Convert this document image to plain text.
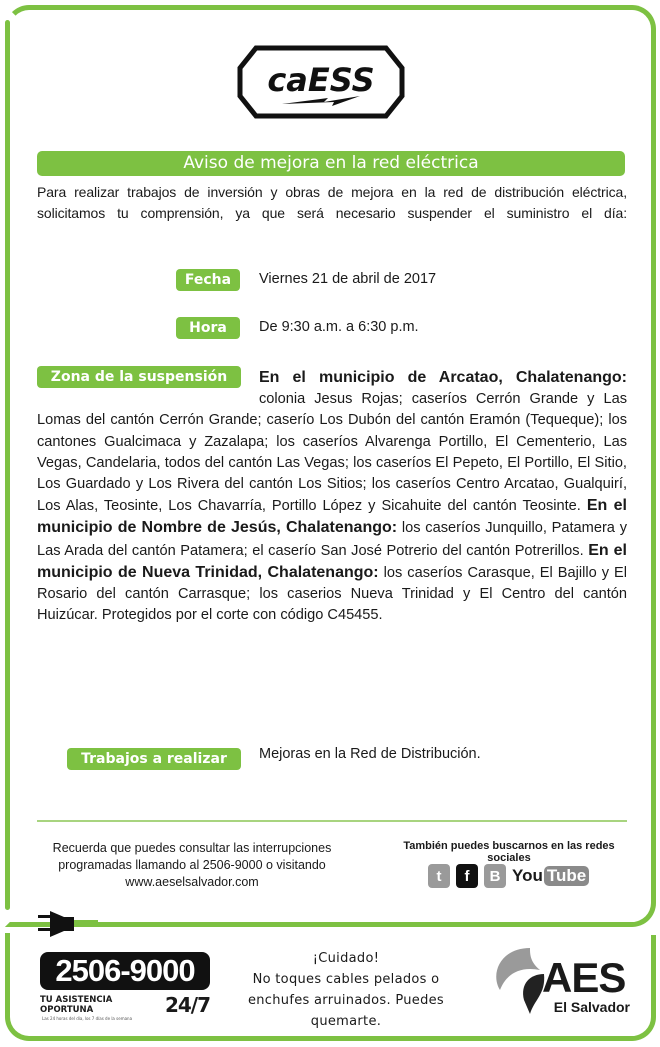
caESS
Aviso de mejora en la red eléctrica

Para realizar trabajos de inversión y obras de mejora en la red de distribución eléctrica, solicitamos tu comprensión, ya que será necesario suspender el suministro el día:

Fecha	Viernes 21 de abril de 2017
Hora	De 9:30 a.m. a 6:30 p.m.
Zona de la suspensión	En el municipio de Arcatao, Chalatenango: colonia Jesus Rojas; caseríos Cerrón Grande y Las Lomas del cantón Cerrón Grande; caserío Los Dubón del cantón Eramón (Tequeque); los cantones Gualcimaca y Zazalapa; los caseríos Alvarenga Portillo, El Cementerio, Las Vegas, Candelaria, todos del cantón Las Vegas; los caseríos El Pepeto, El Portillo, El Sitio, Los Guardado y Los Rivera del cantón Los Sitios; los caseríos Centro Arcatao, Gualquirí, Los Alas, Teosinte, Los Chavarría, Portillo López y Sicahuite del cantón Teosinte. En el municipio de Nombre de Jesús, Chalatenango: los caseríos Junquillo, Patamera y Las Arada del cantón Patamera; el caserío San José Potrerio del cantón Potrerillos. En el municipio de Nueva Trinidad, Chalatenango: los caseríos Carasque, El Bajillo y El Rosario del cantón Carrasque; los caserios Nueva Trinidad y El Centro del cantón Huizúcar. Protegidos por el corte con código C45455.

Trabajos a realizar	Mejoras en la Red de Distribución.
Recuerda que puedes consultar las interrupciones
programadas llamando al 2506-9000 o visitando
www.aeselsalvador.com
También puedes buscarnos en las redes sociales
t	f	B You Tube
2506-9000
TU ASISTENCIA OPORTUNA	24/7
Las 24 horas del día, los 7 días de la semana
¡Cuidado!
No toques cables pelados o enchufes arruinados. Puedes quemarte.
AES
El Salvador
